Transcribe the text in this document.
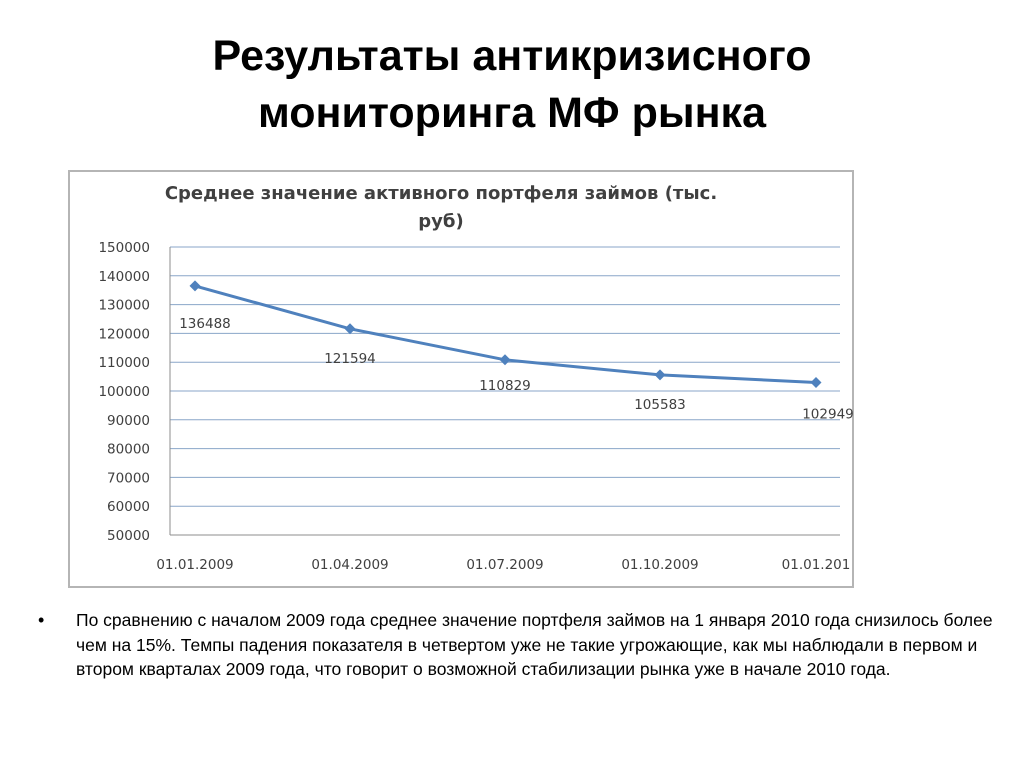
Результаты антикризисного
мониторинга МФ рынка
Среднее значение активного портфеля займов (тыс.
руб)
150000
140000
130000
120000
110000
100000
90000
80000
70000
60000
50000
01.01.2009	01.04.2009	01.07.2009	01.10.2009	01.01.201
136488
121594
110829
105583
102949
•	По сравнению с началом 2009 года среднее значение портфеля займов на 1 января 2010 года снизилось более чем на 15%. Темпы падения показателя в четвертом уже не такие угрожающие, как мы наблюдали в первом и втором кварталах 2009 года, что говорит о возможной стабилизации рынка уже в начале 2010 года.
